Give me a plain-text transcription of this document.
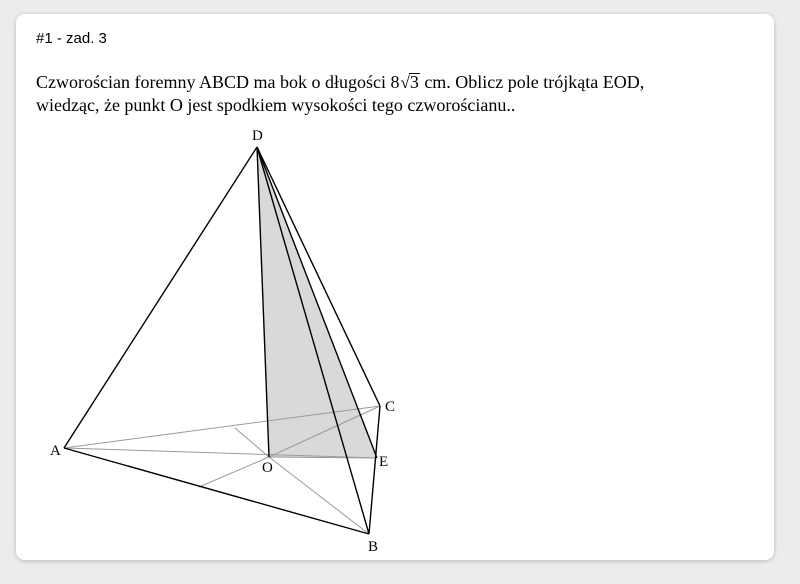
#1 - zad. 3
Czworościan foremny ABCD ma bok o długości 8√3 cm. Oblicz pole trójkąta EOD,
wiedząc, że punkt O jest spodkiem wysokości tego czworościanu..
D
A
B
C
E
O
